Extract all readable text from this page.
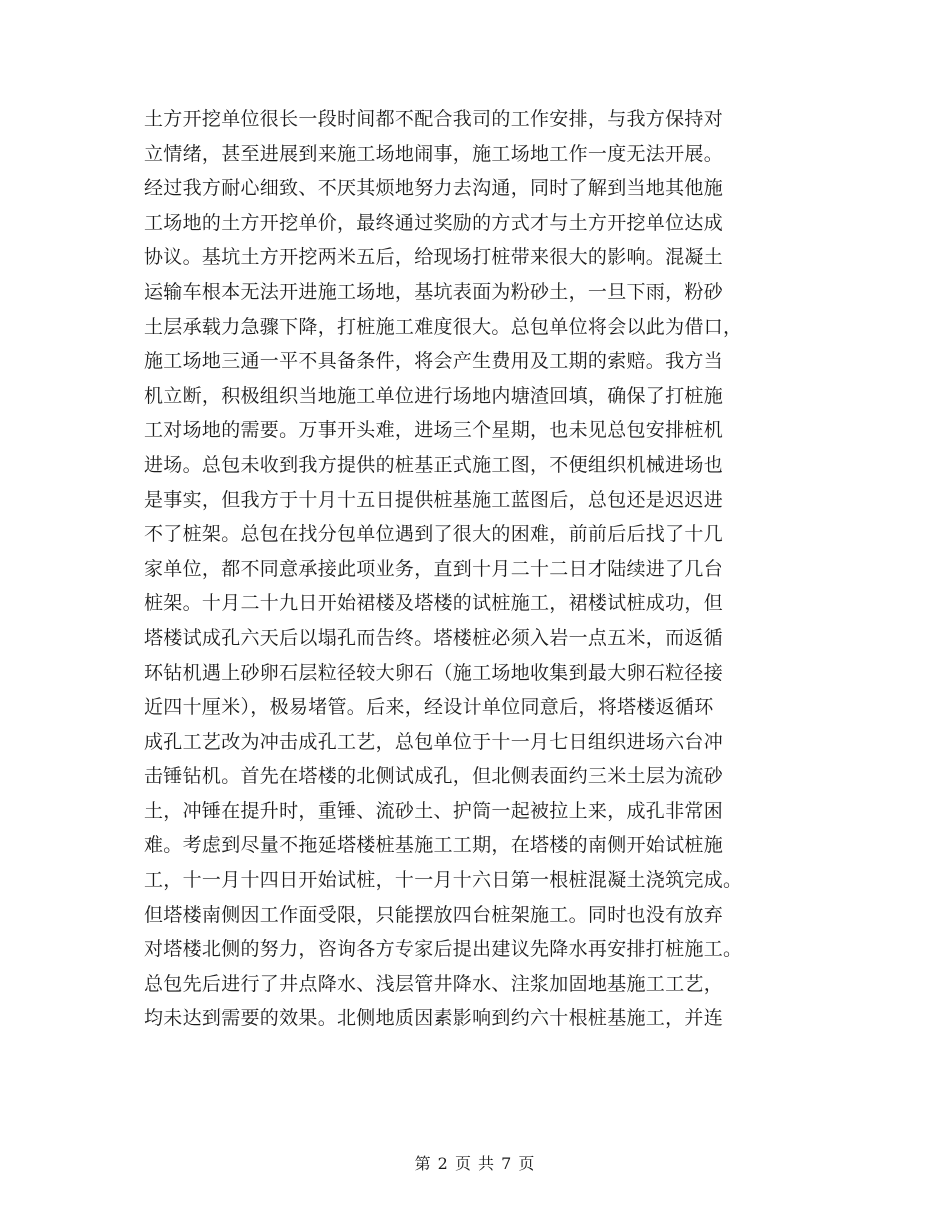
土方开挖单位很长一段时间都不配合我司的工作安排，与我方保持对
立情绪，甚至进展到来施工场地闹事，施工场地工作一度无法开展。
经过我方耐心细致、不厌其烦地努力去沟通，同时了解到当地其他施
工场地的土方开挖单价，最终通过奖励的方式才与土方开挖单位达成
协议。基坑土方开挖两米五后，给现场打桩带来很大的影响。混凝土
运输车根本无法开进施工场地，基坑表面为粉砂土，一旦下雨，粉砂
土层承载力急骤下降，打桩施工难度很大。总包单位将会以此为借口，
施工场地三通一平不具备条件，将会产生费用及工期的索赔。我方当
机立断，积极组织当地施工单位进行场地内塘渣回填，确保了打桩施
工对场地的需要。万事开头难，进场三个星期，也未见总包安排桩机
进场。总包未收到我方提供的桩基正式施工图，不便组织机械进场也
是事实，但我方于十月十五日提供桩基施工蓝图后，总包还是迟迟进
不了桩架。总包在找分包单位遇到了很大的困难，前前后后找了十几
家单位，都不同意承接此项业务，直到十月二十二日才陆续进了几台
桩架。十月二十九日开始裙楼及塔楼的试桩施工，裙楼试桩成功，但
塔楼试成孔六天后以塌孔而告终。塔楼桩必须入岩一点五米，而返循
环钻机遇上砂卵石层粒径较大卵石（施工场地收集到最大卵石粒径接
近四十厘米），极易堵管。后来，经设计单位同意后，将塔楼返循环
成孔工艺改为冲击成孔工艺，总包单位于十一月七日组织进场六台冲
击锤钻机。首先在塔楼的北侧试成孔，但北侧表面约三米土层为流砂
土，冲锤在提升时，重锤、流砂土、护筒一起被拉上来，成孔非常困
难。考虑到尽量不拖延塔楼桩基施工工期，在塔楼的南侧开始试桩施
工，十一月十四日开始试桩，十一月十六日第一根桩混凝土浇筑完成。
但塔楼南侧因工作面受限，只能摆放四台桩架施工。同时也没有放弃
对塔楼北侧的努力，咨询各方专家后提出建议先降水再安排打桩施工。
总包先后进行了井点降水、浅层管井降水、注浆加固地基施工工艺，
均未达到需要的效果。北侧地质因素影响到约六十根桩基施工，并连
第 2 页 共 7 页
